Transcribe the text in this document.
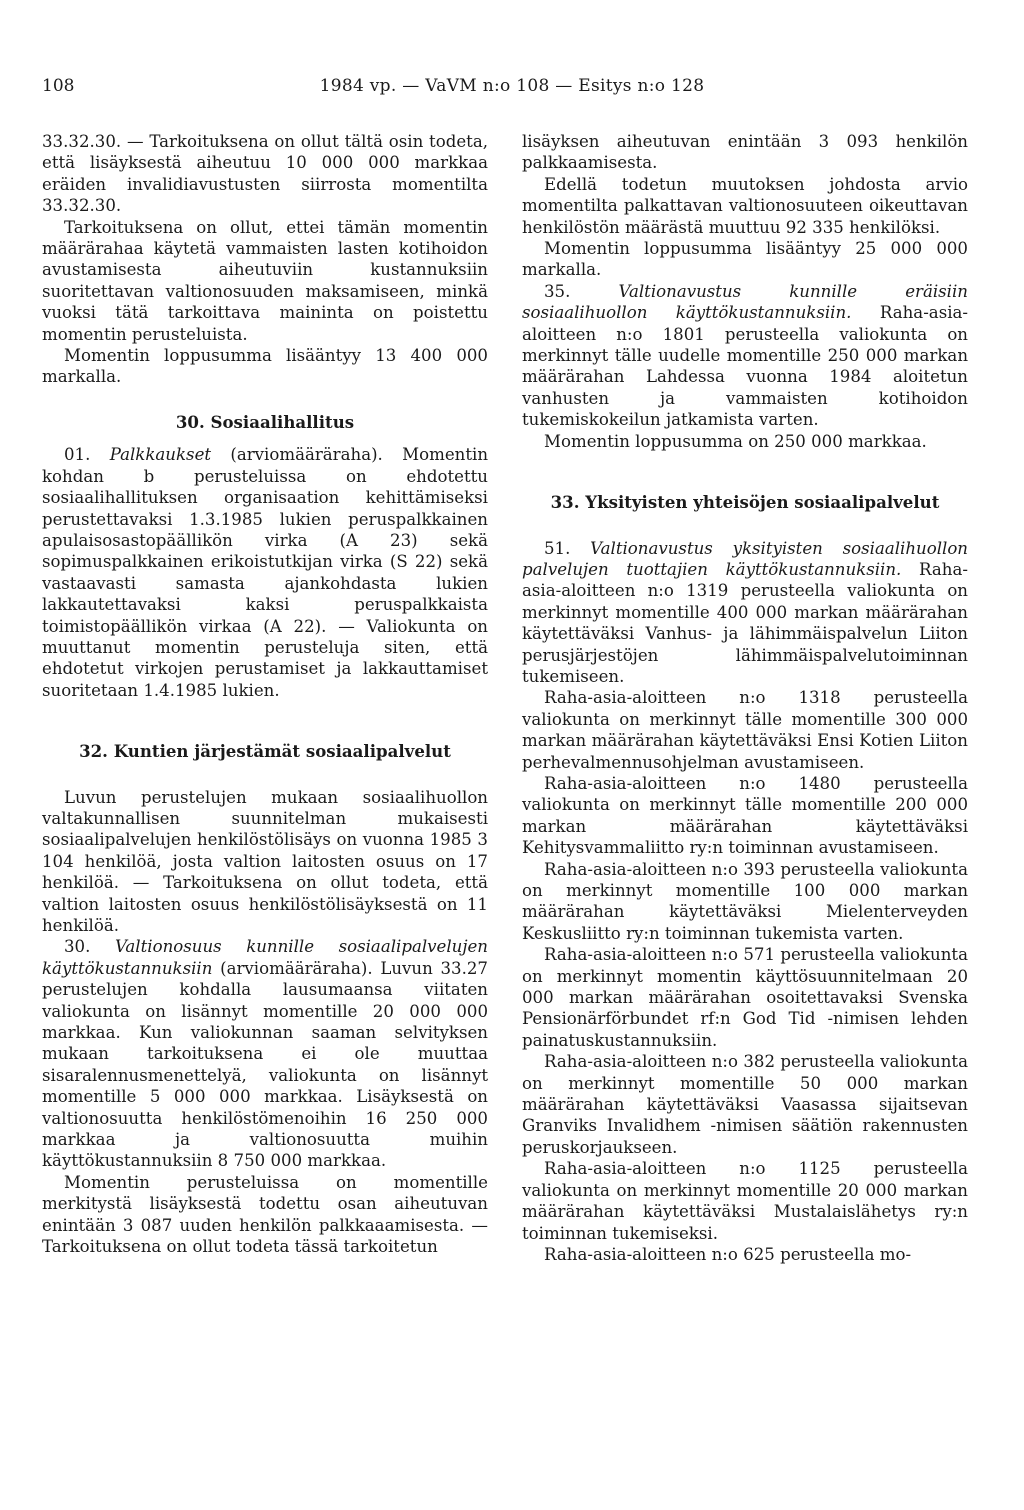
108	1984 vp. — VaVM n:o 108 — Esitys n:o 128

33.32.30. — Tarkoituksena on ollut tältä osin todeta, että lisäyksestä aiheutuu 10 000 000 markkaa eräiden invalidiavustusten siirrosta momentilta 33.32.30.

Tarkoituksena on ollut, ettei tämän momentin määrärahaa käytetä vammaisten lasten kotihoidon avustamisesta aiheutuviin kustannuksiin suoritettavan valtionosuuden maksamiseen, minkä vuoksi tätä tarkoittava maininta on poistettu momentin perusteluista.

Momentin loppusumma lisääntyy 13 400 000 markalla.

30. Sosiaalihallitus

01. Palkkaukset (arviomääräraha). Momentin kohdan b perusteluissa on ehdotettu sosiaalihallituksen organisaation kehittämiseksi perustettavaksi 1.3.1985 lukien peruspalkkainen apulaisosastopäällikön virka (A 23) sekä sopimuspalkkainen erikoistutkijan virka (S 22) sekä vastaavasti samasta ajankohdasta lukien lakkautettavaksi kaksi peruspalkkaista toimistopäällikön virkaa (A 22). — Valiokunta on muuttanut momentin perusteluja siten, että ehdotetut virkojen perustamiset ja lakkauttamiset suoritetaan 1.4.1985 lukien.

32. Kuntien järjestämät sosiaalipalvelut

Luvun perustelujen mukaan sosiaalihuollon valtakunnallisen suunnitelman mukaisesti sosiaalipalvelujen henkilöstölisäys on vuonna 1985 3 104 henkilöä, josta valtion laitosten osuus on 17 henkilöä. — Tarkoituksena on ollut todeta, että valtion laitosten osuus henkilöstölisäyksestä on 11 henkilöä.

30. Valtionosuus kunnille sosiaalipalvelujen käyttökustannuksiin (arviomääräraha). Luvun 33.27 perustelujen kohdalla lausumaansa viitaten valiokunta on lisännyt momentille 20 000 000 markkaa. Kun valiokunnan saaman selvityksen mukaan tarkoituksena ei ole muuttaa sisaralennusmenettelyä, valiokunta on lisännyt momentille 5 000 000 markkaa. Lisäyksestä on valtionosuutta henkilöstömenoihin 16 250 000 markkaa ja valtionosuutta muihin käyttökustannuksiin 8 750 000 markkaa.

Momentin perusteluissa on momentille merkitystä lisäyksestä todettu osan aiheutuvan enintään 3 087 uuden henkilön palkkaaamisesta. — Tarkoituksena on ollut todeta tässä tarkoitetun

lisäyksen aiheutuvan enintään 3 093 henkilön palkkaamisesta.

Edellä todetun muutoksen johdosta arvio momentilta palkattavan valtionosuuteen oikeuttavan henkilöstön määrästä muuttuu 92 335 henkilöksi.

Momentin loppusumma lisääntyy 25 000 000 markalla.

35.	Valtionavustus kunnille eräisiin sosiaalihuollon käyttökustannuksiin. Raha-asia-aloitteen n:o 1801 perusteella valiokunta on merkinnyt tälle uudelle momentille 250 000 markan määrärahan Lahdessa vuonna 1984 aloitetun vanhusten ja vammaisten kotihoidon tukemiskokeilun jatkamista varten.

Momentin loppusumma on 250 000 markkaa.

33. Yksityisten yhteisöjen sosiaalipalvelut

51. Valtionavustus yksityisten sosiaalihuollon palvelujen tuottajien käyttökustannuksiin. Raha-asia-aloitteen n:o 1319 perusteella valiokunta on merkinnyt momentille 400 000 markan määrärahan käytettäväksi Vanhus- ja lähimmäispalvelun Liiton perusjärjestöjen lähimmäispalvelutoiminnan tukemiseen.

Raha-asia-aloitteen n:o 1318 perusteella valiokunta on merkinnyt tälle momentille 300 000 markan määrärahan käytettäväksi Ensi Kotien Liiton perhevalmennusohjelman avustamiseen.

Raha-asia-aloitteen n:o 1480 perusteella valiokunta on merkinnyt tälle momentille 200 000 markan määrärahan käytettäväksi Kehitysvammaliitto ry:n toiminnan avustamiseen.

Raha-asia-aloitteen n:o 393 perusteella valiokunta on merkinnyt momentille 100 000 markan määrärahan käytettäväksi Mielenterveyden Keskusliitto ry:n toiminnan tukemista varten.

Raha-asia-aloitteen n:o 571 perusteella valiokunta on merkinnyt momentin käyttösuunnitelmaan 20 000 markan määrärahan osoitettavaksi Svenska Pensionärförbundet rf:n God Tid -nimisen lehden painatuskustannuksiin.

Raha-asia-aloitteen n:o 382 perusteella valiokunta on merkinnyt momentille 50 000 markan määrärahan käytettäväksi Vaasassa sijaitsevan Granviks Invalidhem -nimisen säätiön rakennusten peruskorjaukseen.

Raha-asia-aloitteen n:o 1125 perusteella valiokunta on merkinnyt momentille 20 000 markan määrärahan käytettäväksi Mustalaislähetys ry:n toiminnan tukemiseksi.

Raha-asia-aloitteen n:o 625 perusteella mo-
